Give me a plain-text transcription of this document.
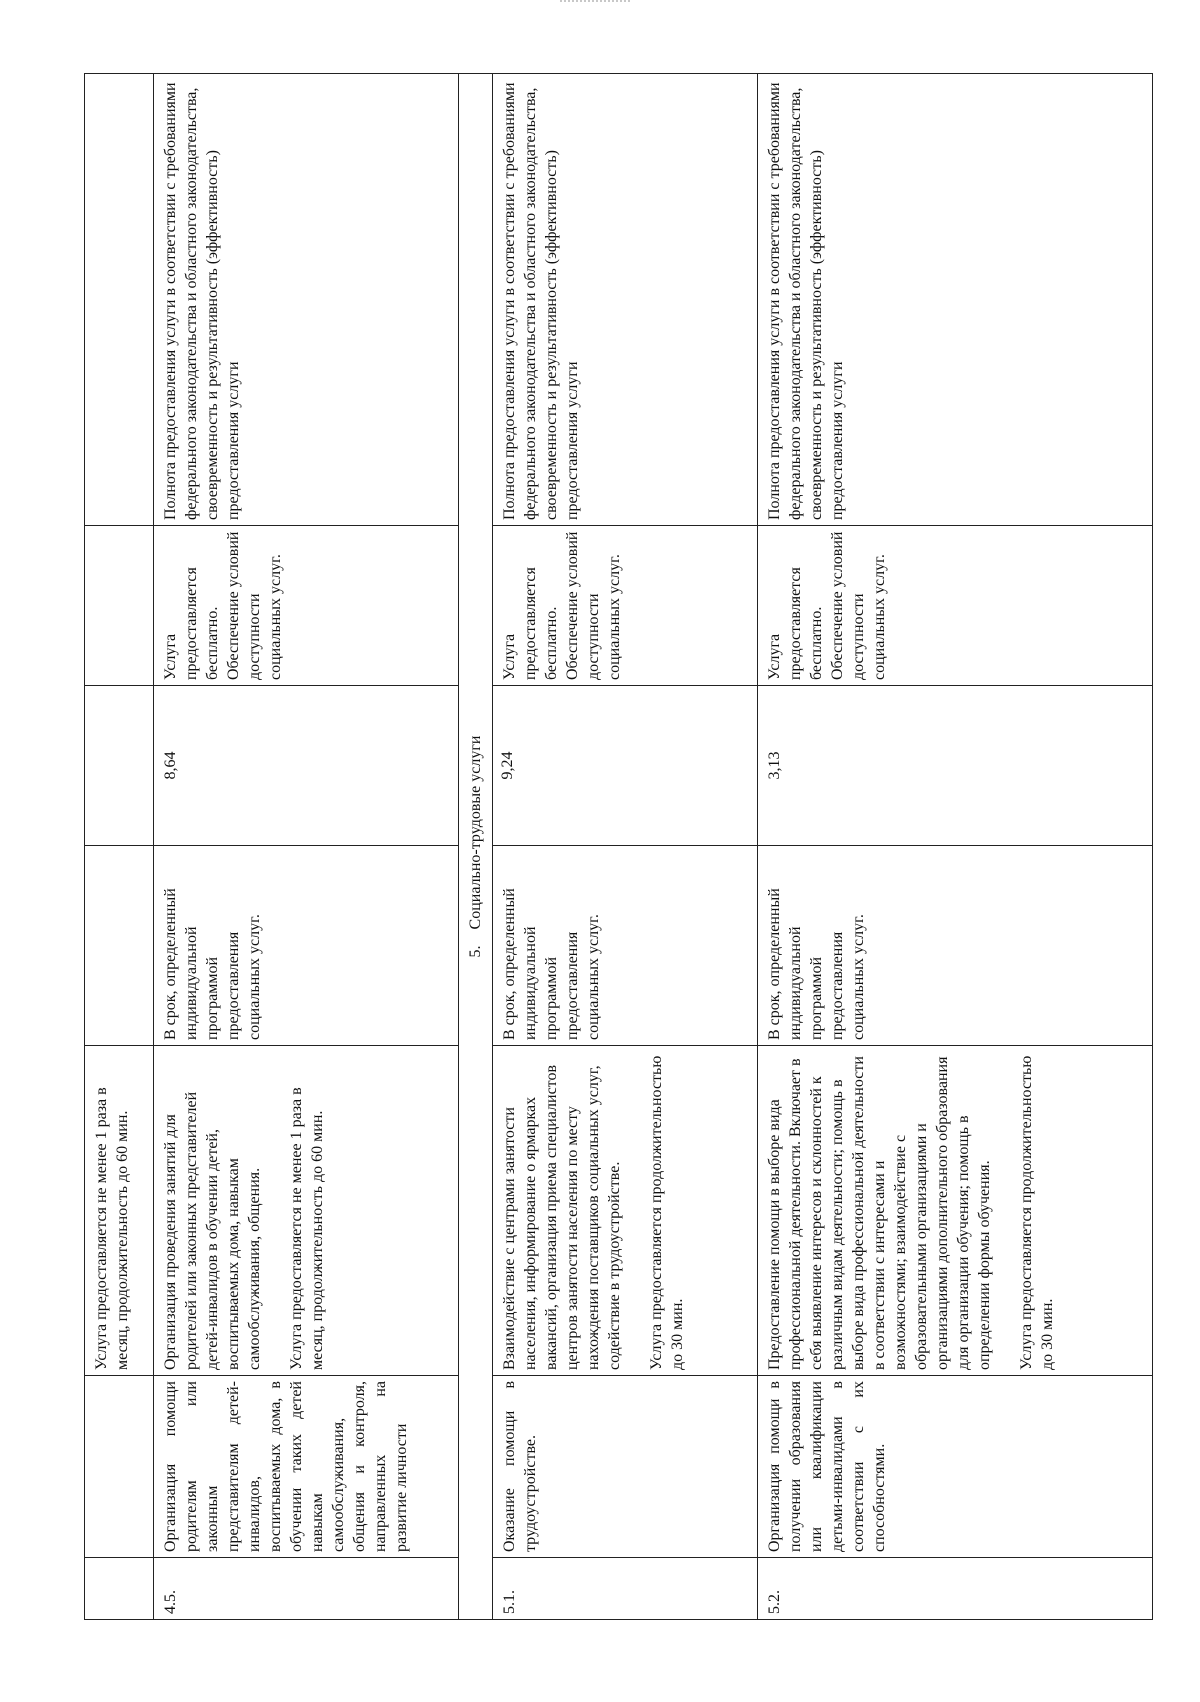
		Услуга предоставляется не менее 1 раза в месяц, продолжительность до 60 мин.				
4.5.	Организация помощи родителям или законным представителям детей-инвалидов, воспитываемых дома, в обучении таких детей навыкам самообслуживания, общения и контроля, направленных на развитие личности	Организация проведения занятий для родителей или законных представителей детей-инвалидов в обучении детей, воспитываемых дома, навыкам самообслуживания, общения. Услуга предоставляется не менее 1 раза в месяц, продолжительность до 60 мин.	В срок, определенный индивидуальной программой предоставления социальных услуг.	8,64	Услуга предоставляется бесплатно. Обеспечение условий доступности социальных услуг.	Полнота предоставления услуги в соответствии с требованиями федерального законодательства и областного законодательства, своевременность и результативность (эффективность) предоставления услуги
5.    Социально-трудовые услуги						
5.1.	Оказание помощи в трудоустройстве.	Взаимодействие с центрами занятости населения, информирование о ярмарках вакансий, организация приема специалистов центров занятости населения по месту нахождения поставщиков социальных услуг, содействие в трудоустройстве. Услуга предоставляется продолжительностью до 30 мин.	В срок, определенный индивидуальной программой предоставления социальных услуг.	9,24	Услуга предоставляется бесплатно. Обеспечение условий доступности социальных услуг.	Полнота предоставления услуги в соответствии с требованиями федерального законодательства и областного законодательства, своевременность и результативность (эффективность) предоставления услуги
5.2.	Организация помощи в получении образования или квалификации детьми-инвалидами в соответствии с их способностями.	Предоставление помощи в выборе вида профессиональной деятельности. Включает в себя выявление интересов и склонностей к различным видам деятельности; помощь в выборе вида профессиональной деятельности в соответствии с интересами и возможностями; взаимодействие с образовательными организациями и организациями дополнительного образования для организации обучения; помощь в определении формы обучения. Услуга предоставляется продолжительностью до 30 мин.	В срок, определенный индивидуальной программой предоставления социальных услуг.	3,13	Услуга предоставляется бесплатно. Обеспечение условий доступности социальных услуг.	Полнота предоставления услуги в соответствии с требованиями федерального законодательства и областного законодательства, своевременность и результативность (эффективность) предоставления услуги
